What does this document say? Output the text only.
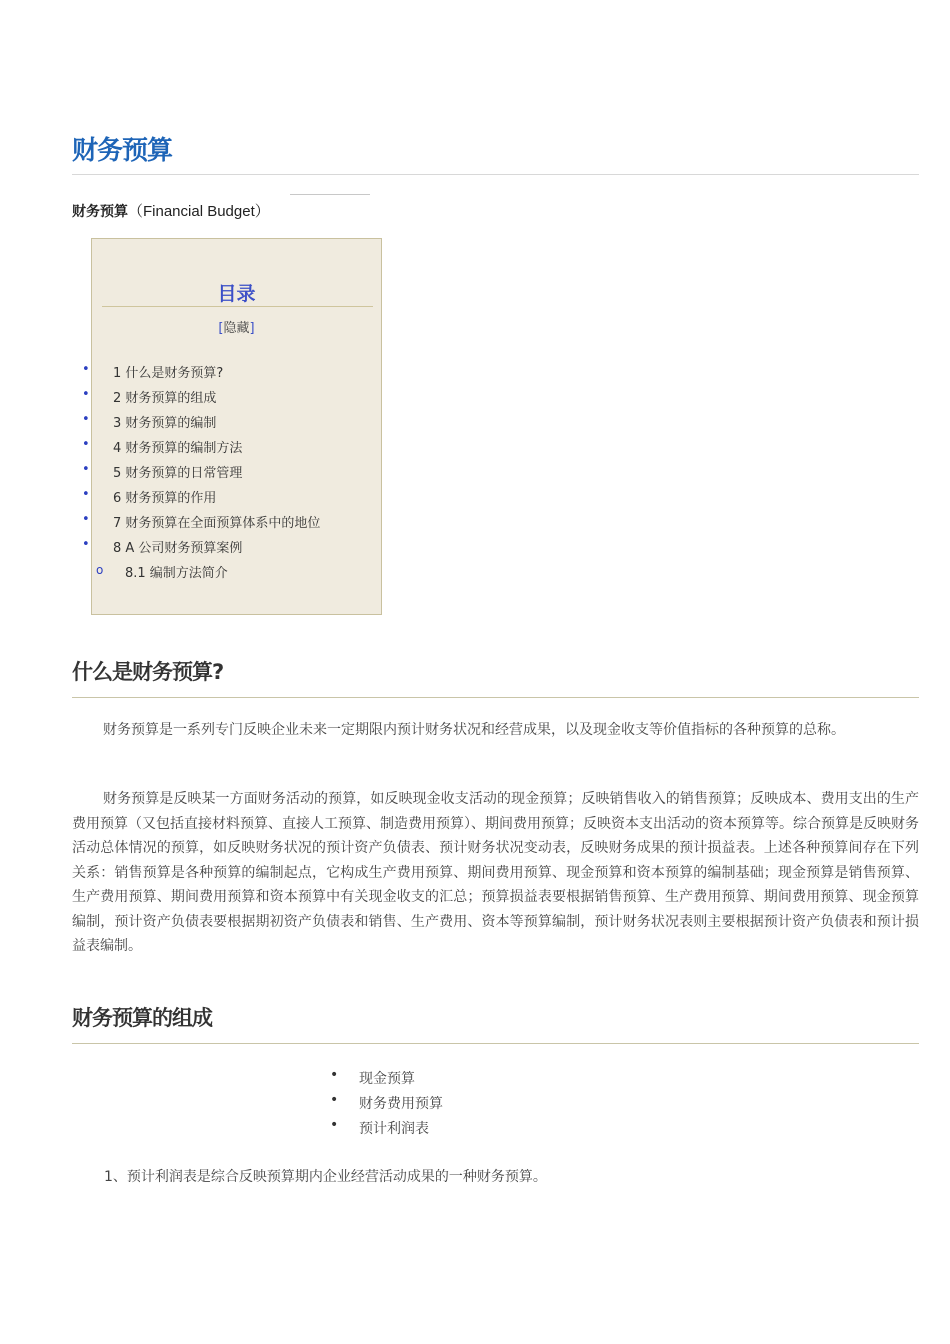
财务预算
财务预算（Financial Budget）
目录
[隐藏]
• 1 什么是财务预算?
• 2 财务预算的组成
• 3 财务预算的编制
• 4 财务预算的编制方法
• 5 财务预算的日常管理
• 6 财务预算的作用
• 7 财务预算在全面预算体系中的地位
• 8 A 公司财务预算案例
o 8.1 编制方法简介
什么是财务预算?
财务预算是一系列专门反映企业未来一定期限内预计财务状况和经营成果，以及现金收支等价值指标的各种预算的总称。
财务预算是反映某一方面财务活动的预算，如反映现金收支活动的现金预算；反映销售收入的销售预算；反映成本、费用支出的生产费用预算（又包括直接材料预算、直接人工预算、制造费用预算）、期间费用预算；反映资本支出活动的资本预算等。综合预算是反映财务活动总体情况的预算，如反映财务状况的预计资产负债表、预计财务状况变动表，反映财务成果的预计损益表。上述各种预算间存在下列关系：销售预算是各种预算的编制起点，它构成生产费用预算、期间费用预算、现金预算和资本预算的编制基础；现金预算是销售预算、生产费用预算、期间费用预算和资本预算中有关现金收支的汇总；预算损益表要根据销售预算、生产费用预算、期间费用预算、现金预算编制，预计资产负债表要根据期初资产负债表和销售、生产费用、资本等预算编制，预计财务状况表则主要根据预计资产负债表和预计损益表编制。
财务预算的组成
• 现金预算
• 财务费用预算
• 预计利润表
1、预计利润表是综合反映预算期内企业经营活动成果的一种财务预算。
